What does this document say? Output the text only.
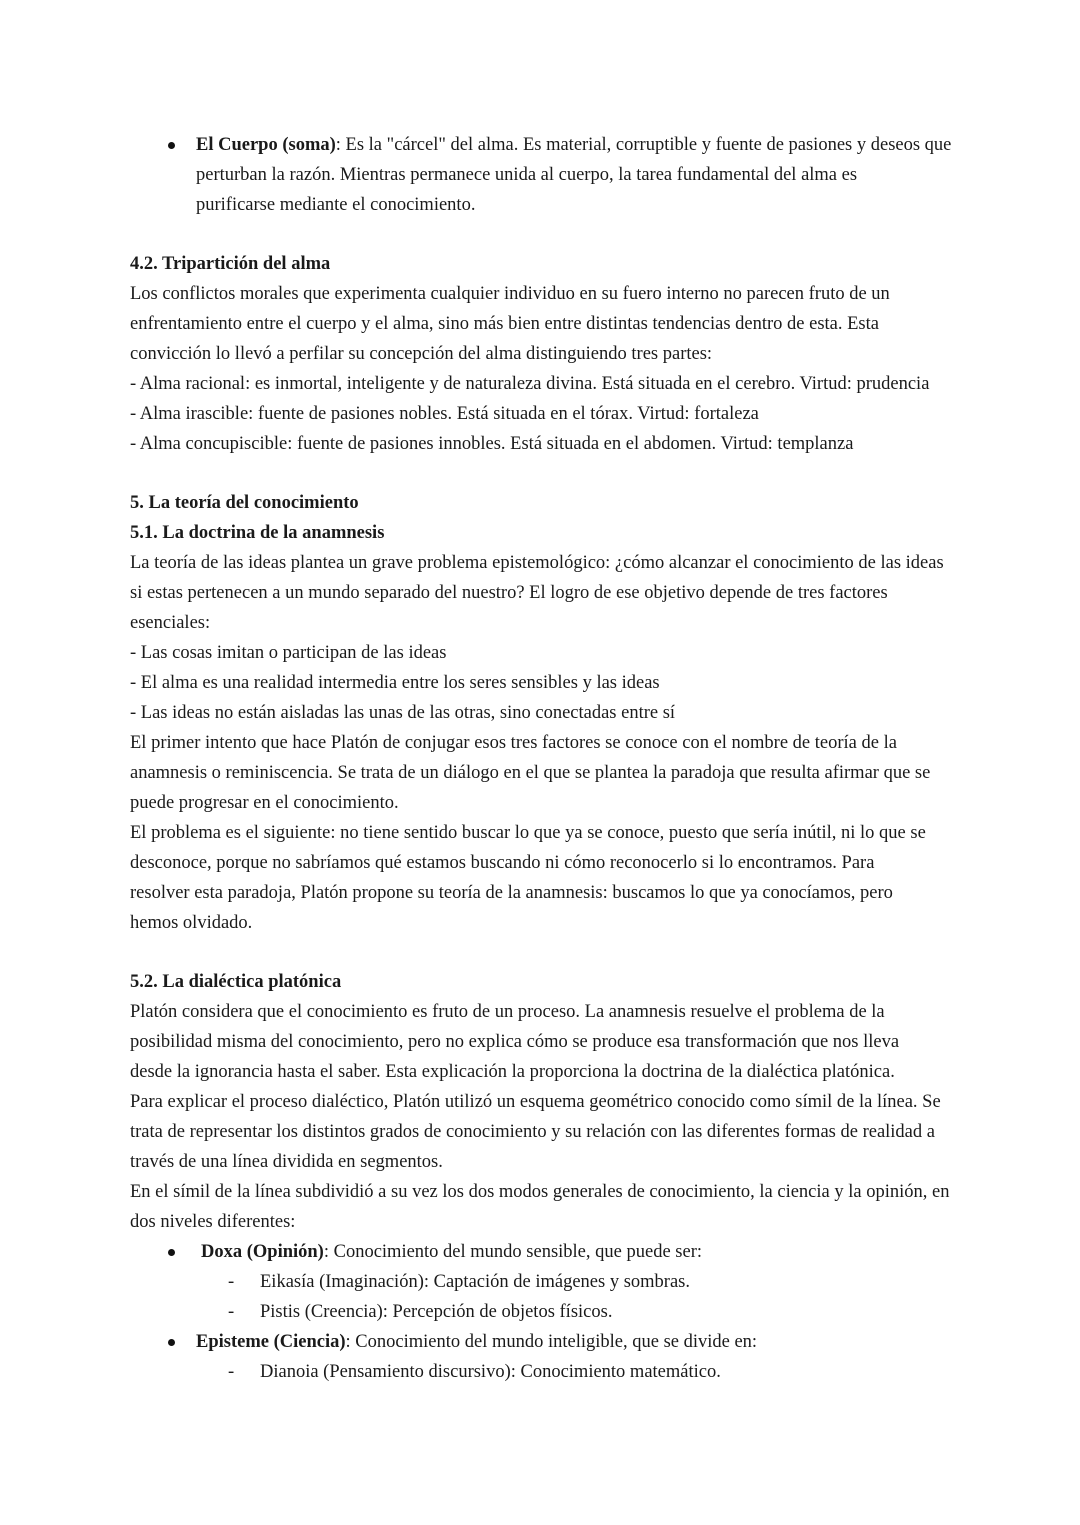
El Cuerpo (soma): Es la "cárcel" del alma. Es material, corruptible y fuente de pasiones y deseos que
perturban la razón. Mientras permanece unida al cuerpo, la tarea fundamental del alma es
purificarse mediante el conocimiento.
4.2. Tripartición del alma
Los conflictos morales que experimenta cualquier individuo en su fuero interno no parecen fruto de un
enfrentamiento entre el cuerpo y el alma, sino más bien entre distintas tendencias dentro de esta. Esta
convicción lo llevó a perfilar su concepción del alma distinguiendo tres partes:
- Alma racional: es inmortal, inteligente y de naturaleza divina. Está situada en el cerebro. Virtud: prudencia
- Alma irascible: fuente de pasiones nobles. Está situada en el tórax. Virtud: fortaleza
- Alma concupiscible: fuente de pasiones innobles. Está situada en el abdomen. Virtud: templanza
5. La teoría del conocimiento
5.1. La doctrina de la anamnesis
La teoría de las ideas plantea un grave problema epistemológico: ¿cómo alcanzar el conocimiento de las ideas
si estas pertenecen a un mundo separado del nuestro? El logro de ese objetivo depende de tres factores
esenciales:
- Las cosas imitan o participan de las ideas
- El alma es una realidad intermedia entre los seres sensibles y las ideas
- Las ideas no están aisladas las unas de las otras, sino conectadas entre sí
El primer intento que hace Platón de conjugar esos tres factores se conoce con el nombre de teoría de la
anamnesis o reminiscencia. Se trata de un diálogo en el que se plantea la paradoja que resulta afirmar que se
puede progresar en el conocimiento.
El problema es el siguiente: no tiene sentido buscar lo que ya se conoce, puesto que sería inútil, ni lo que se
desconoce, porque no sabríamos qué estamos buscando ni cómo reconocerlo si lo encontramos. Para
resolver esta paradoja, Platón propone su teoría de la anamnesis: buscamos lo que ya conocíamos, pero
hemos olvidado.
5.2. La dialéctica platónica
Platón considera que el conocimiento es fruto de un proceso. La anamnesis resuelve el problema de la
posibilidad misma del conocimiento, pero no explica cómo se produce esa transformación que nos lleva
desde la ignorancia hasta el saber. Esta explicación la proporciona la doctrina de la dialéctica platónica.
Para explicar el proceso dialéctico, Platón utilizó un esquema geométrico conocido como símil de la línea. Se
trata de representar los distintos grados de conocimiento y su relación con las diferentes formas de realidad a
través de una línea dividida en segmentos.
En el símil de la línea subdividió a su vez los dos modos generales de conocimiento, la ciencia y la opinión, en
dos niveles diferentes:
Doxa (Opinión): Conocimiento del mundo sensible, que puede ser:
- Eikasía (Imaginación): Captación de imágenes y sombras.
- Pistis (Creencia): Percepción de objetos físicos.
Episteme (Ciencia): Conocimiento del mundo inteligible, que se divide en:
- Dianoia (Pensamiento discursivo): Conocimiento matemático.
